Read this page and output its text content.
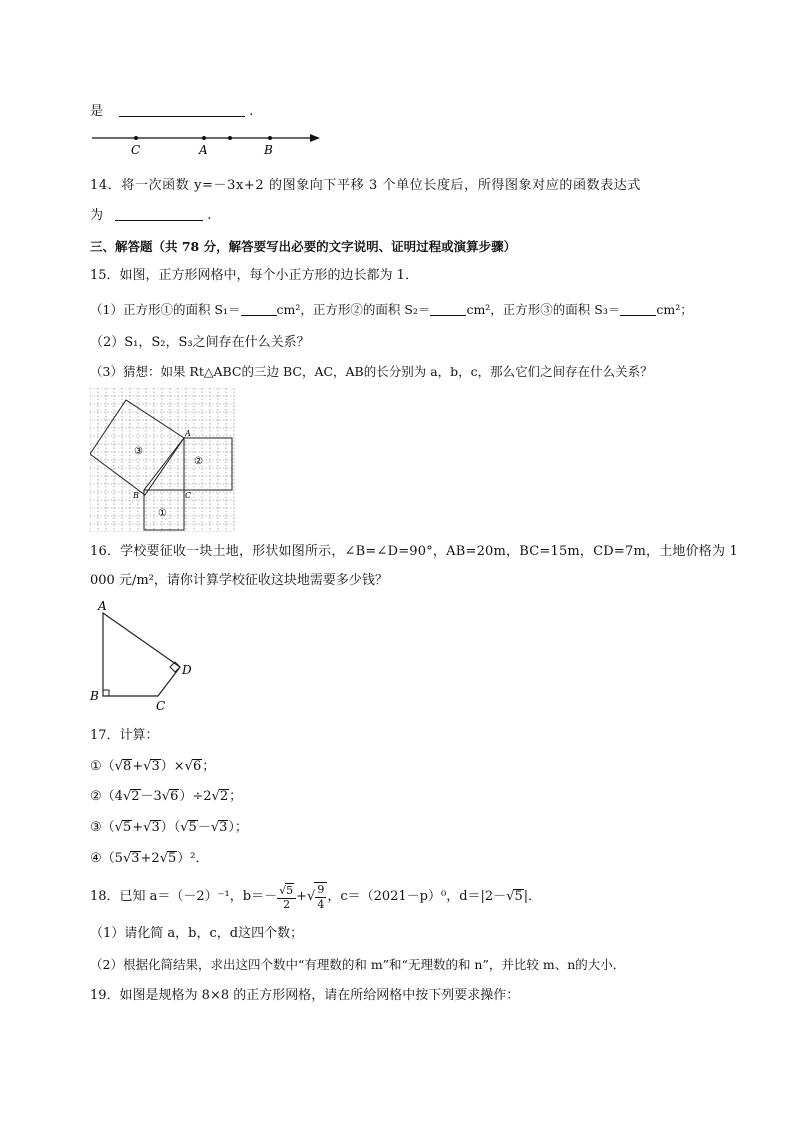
是	.
C	A	B
14．将一次函数 y=－3x+2 的图象向下平移 3 个单位长度后，所得图象对应的函数表达式
为	.
三、解答题（共 78 分，解答要写出必要的文字说明、证明过程或演算步骤）
15．如图，正方形网格中，每个小正方形的边长都为 1．
（1）正方形①的面积 S₁＝	cm²，正方形②的面积 S₂＝	cm²，正方形③的面积 S₃＝	cm²；
（2）S₁，S₂，S₃之间存在什么关系？
（3）猜想：如果 Rt△ABC的三边 BC，AC，AB的长分别为 a，b，c，那么它们之间存在什么关系？
③
②
①
A
B	C
16．学校要征收一块土地，形状如图所示，∠B=∠D=90°，AB=20m，BC=15m，CD=7m，土地价格为 1
000 元/m²，请你计算学校征收这块地需要多少钱？
A
B
C
D
17．计算：
①（√8+√3）×√6；
②（4√2－3√6）÷2√2；
③（√5+√3）（√5－√3）；
④（5√3+2√5）²．
18．已知 a＝（－2）⁻¹，$b=- \frac{√5}{2}$ +√ $\frac{9}{4}$ ，c＝（2021－p）⁰，d＝|2－√5|．
（1）请化简 a，b，c，d这四个数；
（2）根据化简结果，求出这四个数中“有理数的和 m”和“无理数的和 n”，并比较 m、n的大小．
19．如图是规格为 8×8 的正方形网格，请在所给网格中按下列要求操作：
